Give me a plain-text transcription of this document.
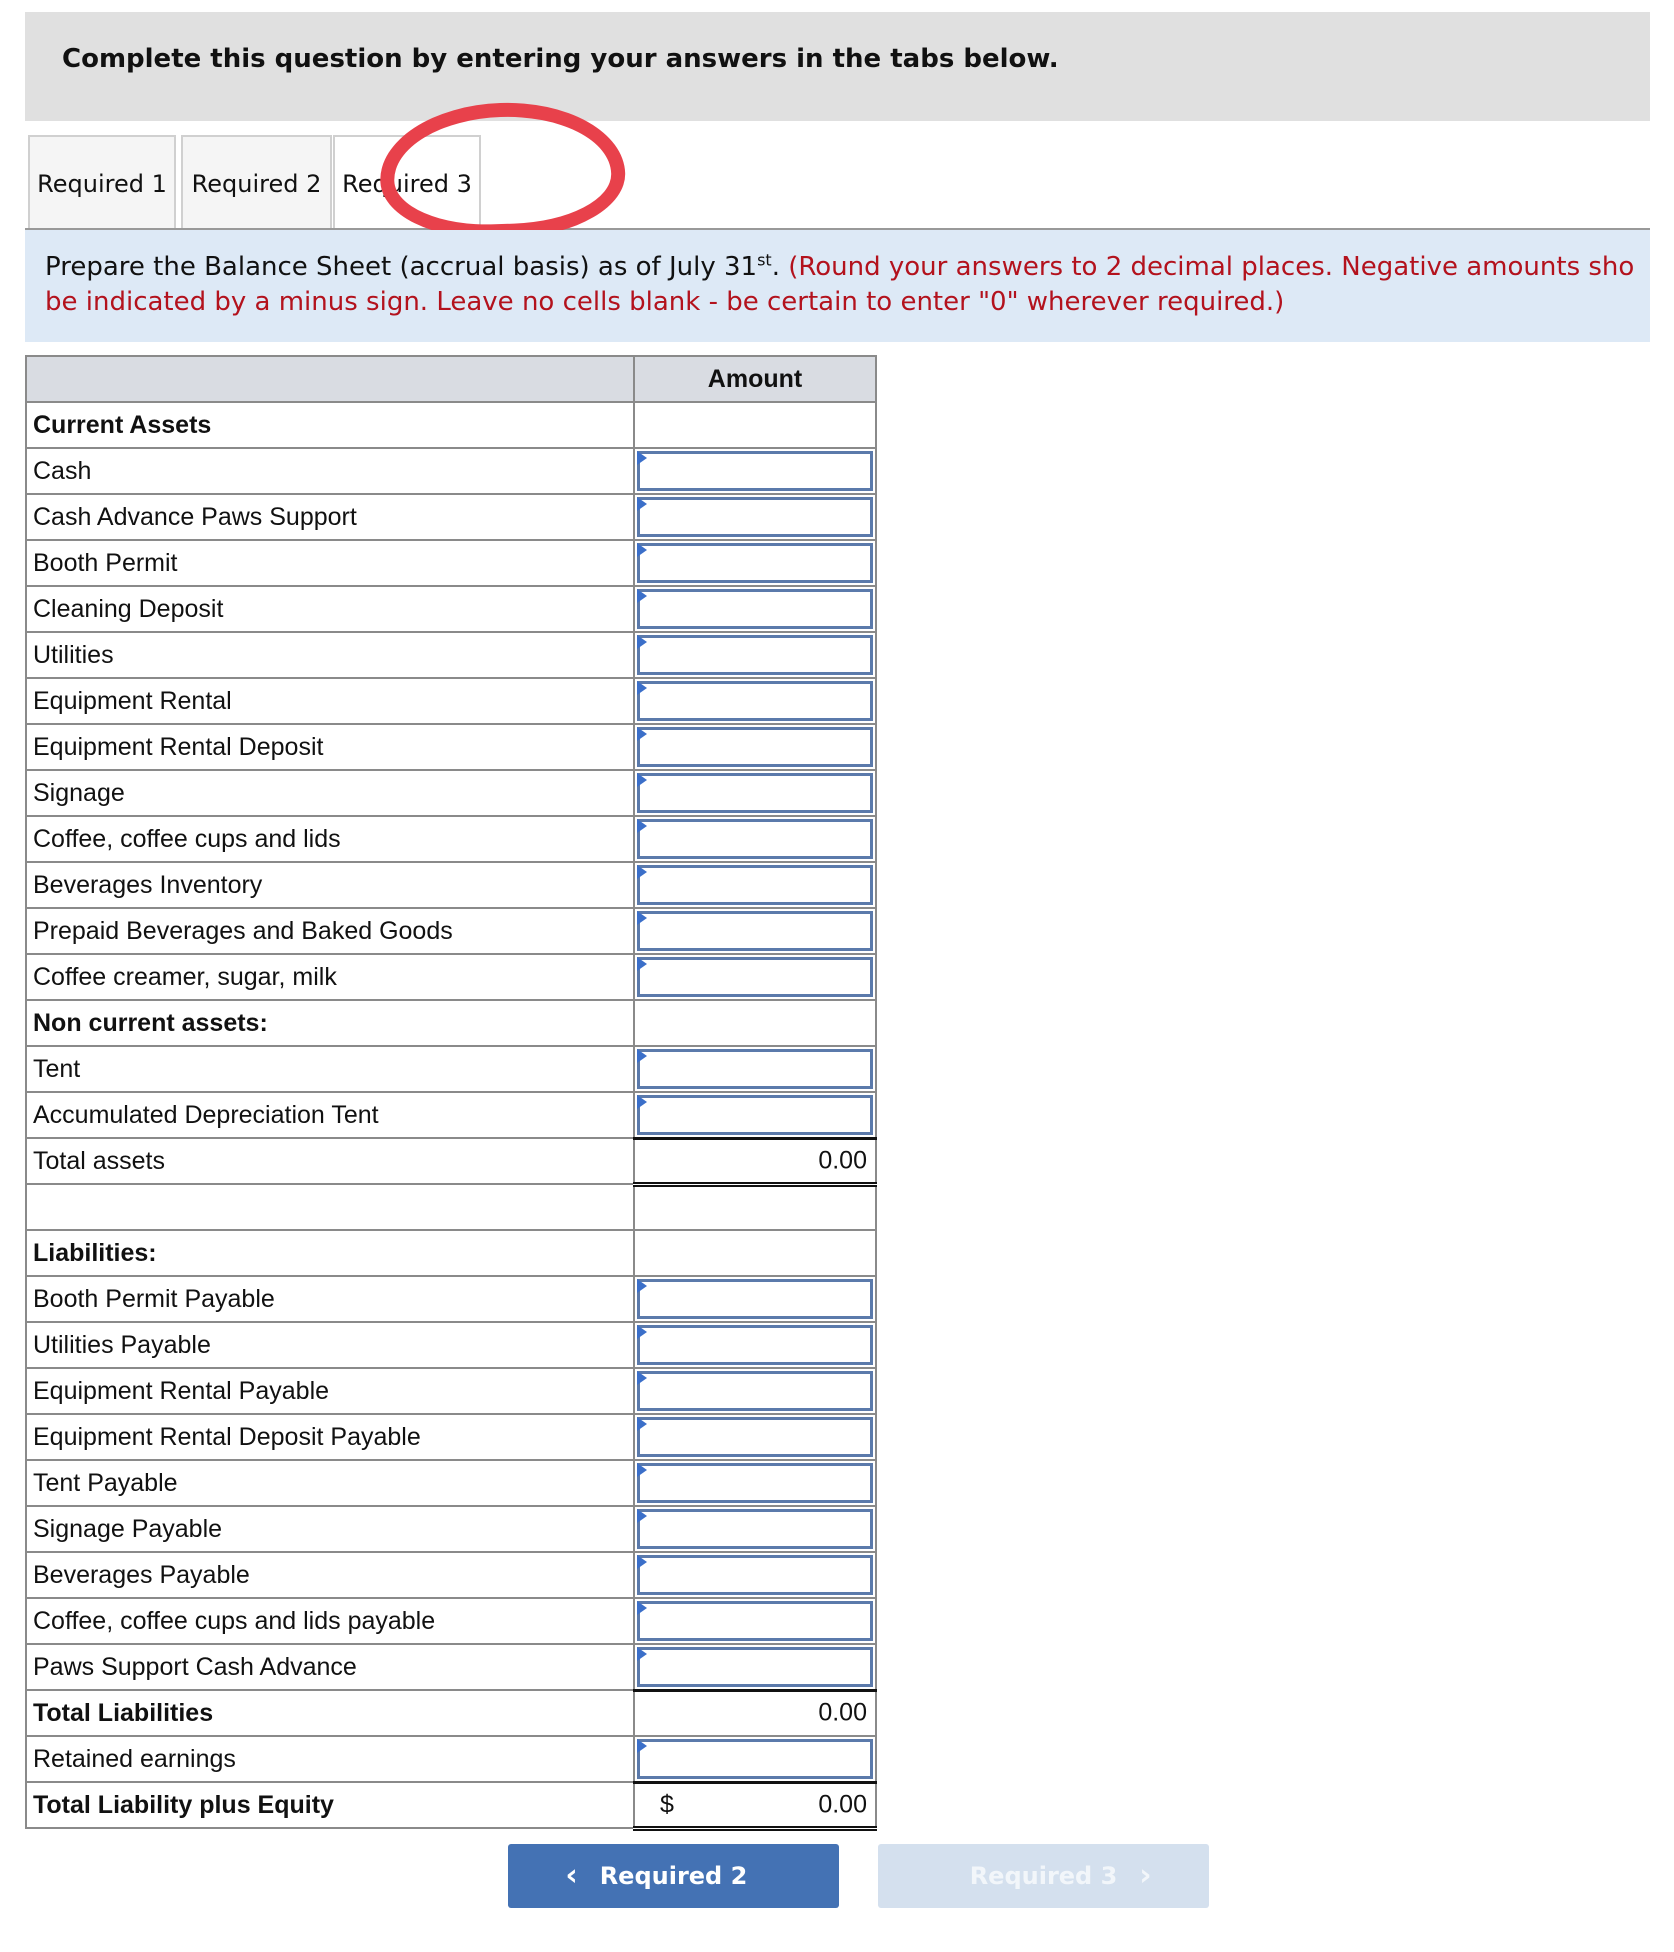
Complete this question by entering your answers in the tabs below.
Required 1	Required 2 Required 3
Prepare the Balance Sheet (accrual basis) as of July 31st. (Round your answers to 2 decimal places. Negative amounts sho
be indicated by a minus sign. Leave no cells blank - be certain to enter "0" wherever required.)
	Amount
Current Assets	
Cash	

Cash Advance Paws Support	

Booth Permit	

Cleaning Deposit	

Utilities	

Equipment Rental	

Equipment Rental Deposit	

Signage	

Coffee, coffee cups and lids	

Beverages Inventory	

Prepaid Beverages and Baked Goods	

Coffee creamer, sugar, milk	

Non current assets:	
Tent	

Accumulated Depreciation Tent	

Total assets	0.00

Liabilities:	
Booth Permit Payable	

Utilities Payable	

Equipment Rental Payable	

Equipment Rental Deposit Payable	

Tent Payable	

Signage Payable	

Beverages Payable	

Coffee, coffee cups and lids payable	

Paws Support Cash Advance	

Total Liabilities	0.00

Retained earnings	

Total Liability plus Equity	$ 0.00
‹ Required 2	Required 3 ›
